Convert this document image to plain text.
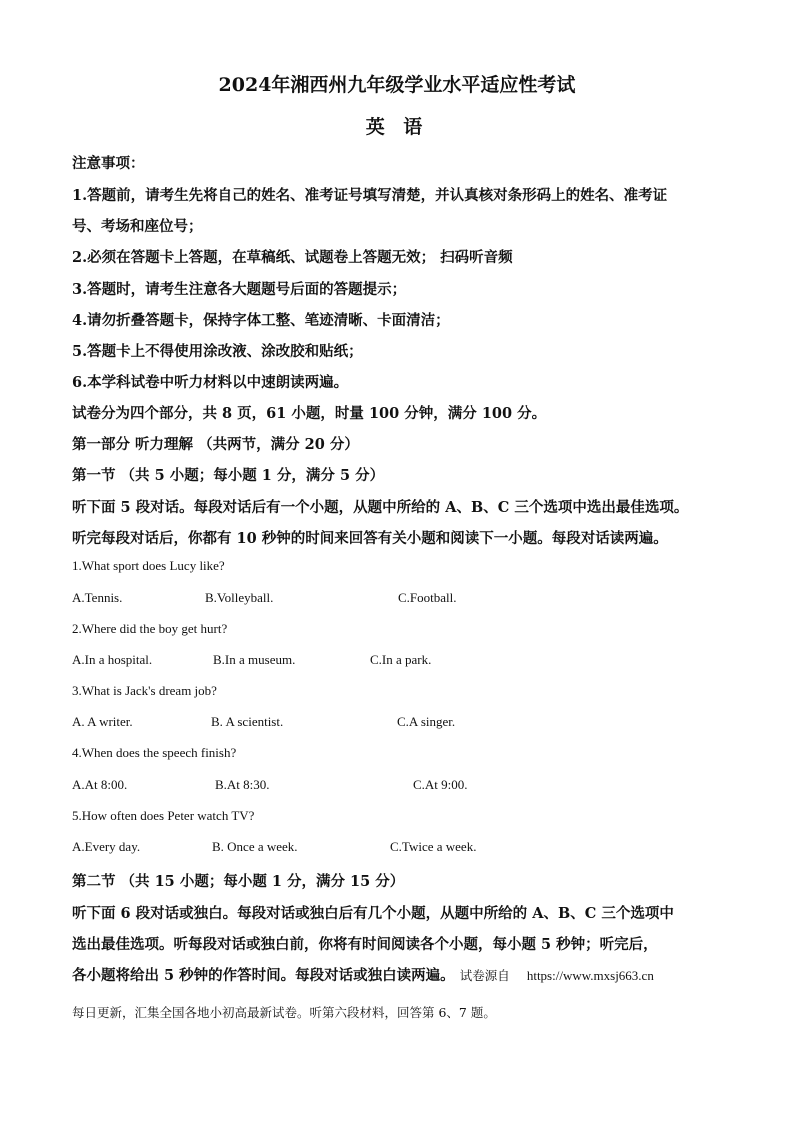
2024年湘西州九年级学业水平适应性考试
英 语
注意事项：
1.答题前，请考生先将自己的姓名、准考证号填写清楚，并认真核对条形码上的姓名、准考证
号、考场和座位号；
2.必须在答题卡上答题，在草稿纸、试题卷上答题无效； 扫码听音频
3.答题时，请考生注意各大题题号后面的答题提示；
4.请勿折叠答题卡，保持字体工整、笔迹清晰、卡面清洁；
5.答题卡上不得使用涂改液、涂改胶和贴纸；
6.本学科试卷中听力材料以中速朗读两遍。
试卷分为四个部分，共 8 页，61 小题，时量 100 分钟，满分 100 分。
第一部分 听力理解 （共两节，满分 20 分）
第一节 （共 5 小题；每小题 1 分，满分 5 分）
听下面 5 段对话。每段对话后有一个小题，从题中所给的 A、B、C 三个选项中选出最佳选项。
听完每段对话后，你都有 10 秒钟的时间来回答有关小题和阅读下一小题。每段对话读两遍。
1.What sport does Lucy like?
A.Tennis.	B.Volleyball.	C.Football.
2.Where did the boy get hurt?
A.In a hospital.	B.In a museum.	C.In a park.
3.What is Jack's dream job?
A. A writer.	B. A scientist.	C.A singer.
4.When does the speech finish?
A.At 8:00.	B.At 8:30.	C.At 9:00.
5.How often does Peter watch TV?
A.Every day.	B. Once a week.	C.Twice a week.
第二节 （共 15 小题；每小题 1 分，满分 15 分）
听下面 6 段对话或独白。每段对话或独白后有几个小题，从题中所给的 A、B、C 三个选项中
选出最佳选项。听每段对话或独白前，你将有时间阅读各个小题，每小题 5 秒钟；听完后，
各小题将给出 5 秒钟的作答时间。每段对话或独白读两遍。 试卷源自 https://www.mxsj663.cn
每日更新，汇集全国各地小初高最新试卷。听第六段材料，回答第 6、7 题。
